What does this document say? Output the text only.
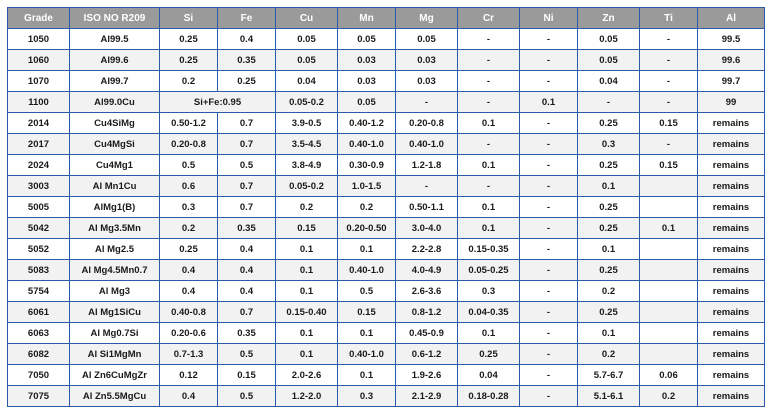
Grade	ISO NO R209	Si	Fe	Cu	Mn	Mg	Cr	Ni	Zn	Ti	Al
1050	Al99.5	0.25	0.4	0.05	0.05	0.05	-	-	0.05	-	99.5
1060	Al99.6	0.25	0.35	0.05	0.03	0.03	-	-	0.05	-	99.6
1070	Al99.7	0.2	0.25	0.04	0.03	0.03	-	-	0.04	-	99.7
1100	Al99.0Cu	Si+Fe:0.95		0.05-0.2	0.05	-	-	0.1	-	-	99
2014	Cu4SiMg	0.50-1.2	0.7	3.9-0.5	0.40-1.2	0.20-0.8	0.1	-	0.25	0.15	remains
2017	Cu4MgSi	0.20-0.8	0.7	3.5-4.5	0.40-1.0	0.40-1.0	-	-	0.3	-	remains
2024	Cu4Mg1	0.5	0.5	3.8-4.9	0.30-0.9	1.2-1.8	0.1	-	0.25	0.15	remains
3003	Al Mn1Cu	0.6	0.7	0.05-0.2	1.0-1.5	-	-	-	0.1		remains
5005	AlMg1(B)	0.3	0.7	0.2	0.2	0.50-1.1	0.1	-	0.25		remains
5042	Al Mg3.5Mn	0.2	0.35	0.15	0.20-0.50	3.0-4.0	0.1	-	0.25	0.1	remains
5052	Al Mg2.5	0.25	0.4	0.1	0.1	2.2-2.8	0.15-0.35	-	0.1		remains
5083	Al Mg4.5Mn0.7	0.4	0.4	0.1	0.40-1.0	4.0-4.9	0.05-0.25	-	0.25		remains
5754	Al Mg3	0.4	0.4	0.1	0.5	2.6-3.6	0.3	-	0.2		remains
6061	Al Mg1SiCu	0.40-0.8	0.7	0.15-0.40	0.15	0.8-1.2	0.04-0.35	-	0.25		remains
6063	Al Mg0.7Si	0.20-0.6	0.35	0.1	0.1	0.45-0.9	0.1	-	0.1		remains
6082	Al Si1MgMn	0.7-1.3	0.5	0.1	0.40-1.0	0.6-1.2	0.25	-	0.2		remains
7050	Al Zn6CuMgZr	0.12	0.15	2.0-2.6	0.1	1.9-2.6	0.04	-	5.7-6.7	0.06	remains
7075	Al Zn5.5MgCu	0.4	0.5	1.2-2.0	0.3	2.1-2.9	0.18-0.28	-	5.1-6.1	0.2	remains
